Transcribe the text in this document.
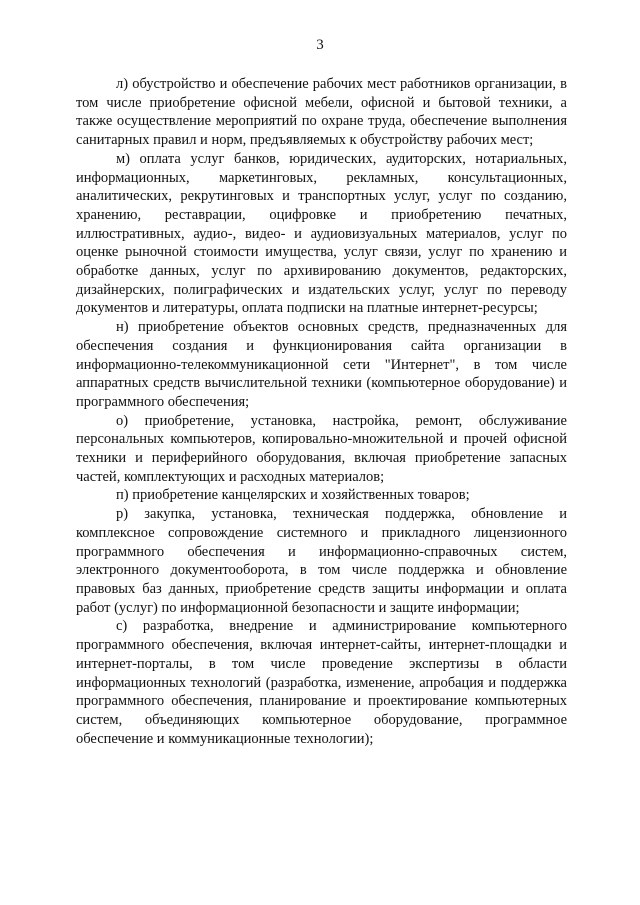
3

л) обустройство и обеспечение рабочих мест работников организации, в том числе приобретение офисной мебели, офисной и бытовой техники, а также осуществление мероприятий по охране труда, обеспечение выполнения санитарных правил и норм, предъявляемых к обустройству рабочих мест;

м) оплата услуг банков, юридических, аудиторских, нотариальных, информационных, маркетинговых, рекламных, консультационных, аналитических, рекрутинговых и транспортных услуг, услуг по созданию, хранению, реставрации, оцифровке и приобретению печатных, иллюстративных, аудио-, видео- и аудиовизуальных материалов, услуг по оценке рыночной стоимости имущества, услуг связи, услуг по хранению и обработке данных, услуг по архивированию документов, редакторских, дизайнерских, полиграфических и издательских услуг, услуг по переводу документов и литературы, оплата подписки на платные интернет-ресурсы;

н) приобретение объектов основных средств, предназначенных для обеспечения создания и функционирования сайта организации в информационно-телекоммуникационной сети "Интернет", в том числе аппаратных средств вычислительной техники (компьютерное оборудование) и программного обеспечения;

о) приобретение, установка, настройка, ремонт, обслуживание персональных компьютеров, копировально-множительной и прочей офисной техники и периферийного оборудования, включая приобретение запасных частей, комплектующих и расходных материалов;

п) приобретение канцелярских и хозяйственных товаров;

р) закупка, установка, техническая поддержка, обновление и комплексное сопровождение системного и прикладного лицензионного программного обеспечения и информационно-справочных систем, электронного документооборота, в том числе поддержка и обновление правовых баз данных, приобретение средств защиты информации и оплата работ (услуг) по информационной безопасности и защите информации;

с) разработка, внедрение и администрирование компьютерного программного обеспечения, включая интернет-сайты, интернет-площадки и интернет-порталы, в том числе проведение экспертизы в области информационных технологий (разработка, изменение, апробация и поддержка программного обеспечения, планирование и проектирование компьютерных систем, объединяющих компьютерное оборудование, программное обеспечение и коммуникационные технологии);
